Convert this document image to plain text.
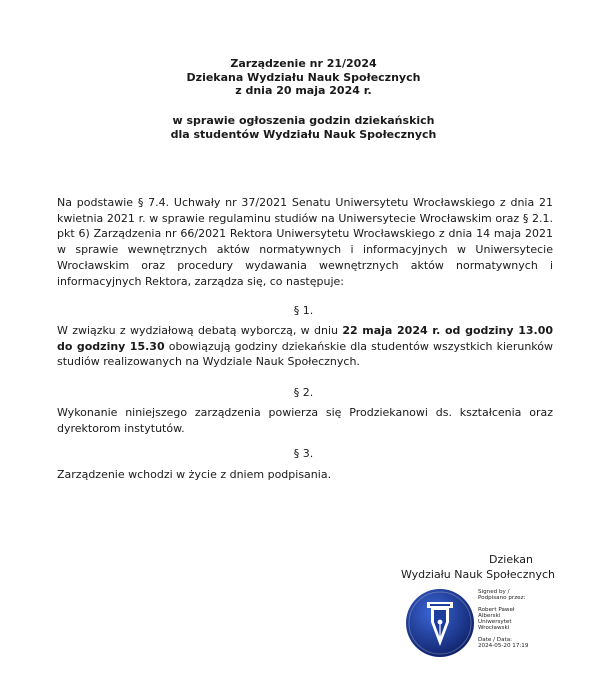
Zarządzenie nr 21/2024
Dziekana Wydziału Nauk Społecznych
z dnia 20 maja 2024 r.
w sprawie ogłoszenia godzin dziekańskich
dla studentów Wydziału Nauk Społecznych
Na podstawie § 7.4. Uchwały nr 37/2021 Senatu Uniwersytetu Wrocławskiego z dnia 21 kwietnia 2021 r. w sprawie regulaminu studiów na Uniwersytecie Wrocławskim oraz § 2.1. pkt 6) Zarządzenia nr 66/2021 Rektora Uniwersytetu Wrocławskiego z dnia 14 maja 2021 w sprawie wewnętrznych aktów normatywnych i informacyjnych w Uniwersytecie Wrocławskim oraz procedury wydawania wewnętrznych aktów normatywnych i informacyjnych Rektora, zarządza się, co następuje:
§ 1.
W związku z wydziałową debatą wyborczą, w dniu 22 maja 2024 r. od godziny 13.00 do godziny 15.30 obowiązują godziny dziekańskie dla studentów wszystkich kierunków studiów realizowanych na Wydziale Nauk Społecznych.
§ 2.
Wykonanie niniejszego zarządzenia powierza się Prodziekanowi ds. kształcenia oraz dyrektorom instytutów.
§ 3.
Zarządzenie wchodzi w życie z dniem podpisania.
Dziekan
Wydziału Nauk Społecznych
Signed by /
Podpisano przez:
Robert Paweł
Alberski
Uniwersytet
Wrocławski
Date / Data:
2024-05-20 17:19
